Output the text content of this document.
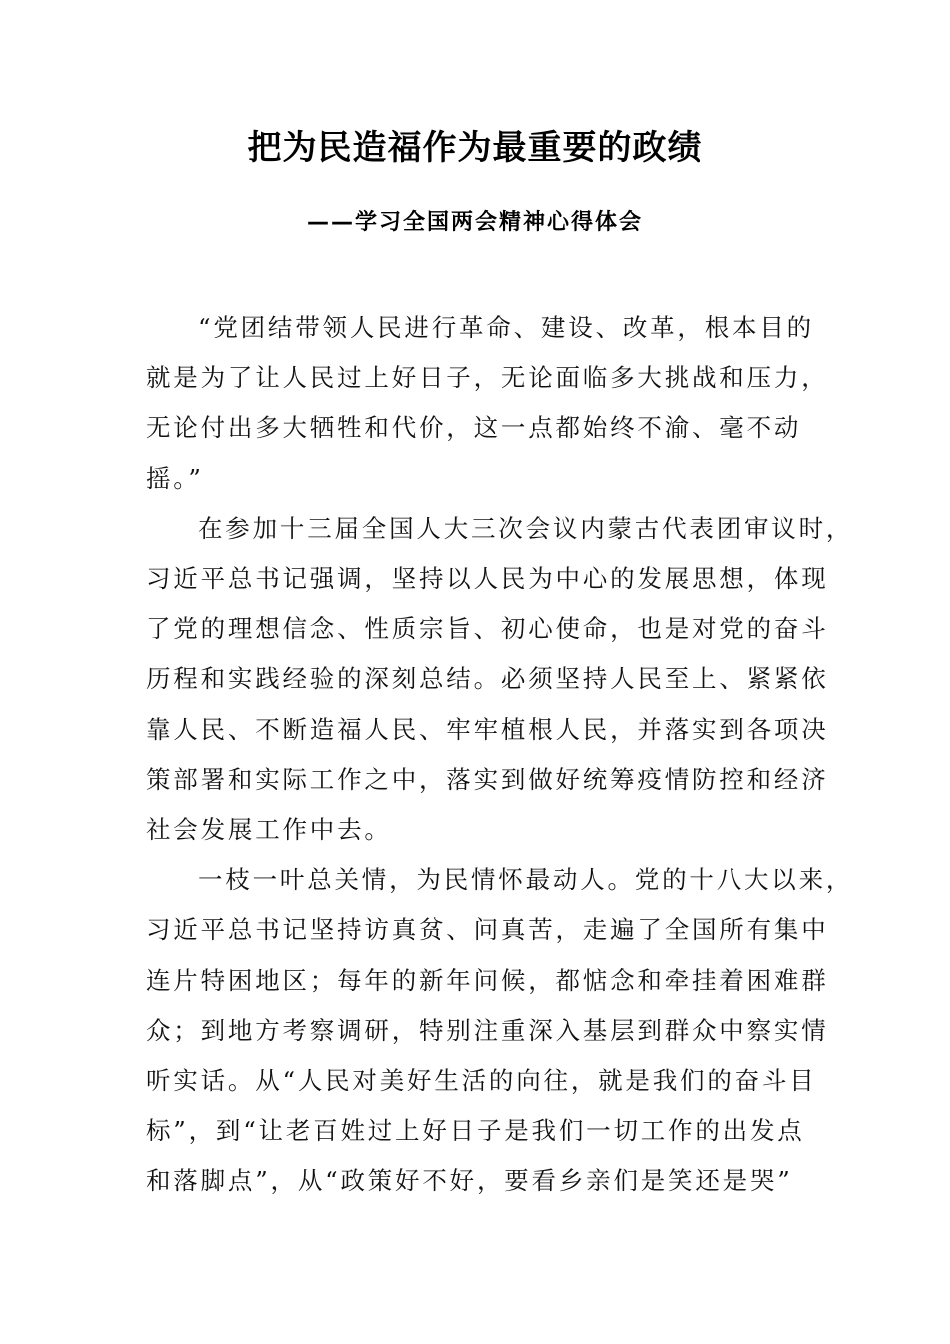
把为民造福作为最重要的政绩
——学习全国两会精神心得体会
“党团结带领人民进行革命、建设、改革，根本目的
就是为了让人民过上好日子，无论面临多大挑战和压力，
无论付出多大牺牲和代价，这一点都始终不渝、毫不动
摇。”
在参加十三届全国人大三次会议内蒙古代表团审议时，
习近平总书记强调，坚持以人民为中心的发展思想，体现
了党的理想信念、性质宗旨、初心使命，也是对党的奋斗
历程和实践经验的深刻总结。必须坚持人民至上、紧紧依
靠人民、不断造福人民、牢牢植根人民，并落实到各项决
策部署和实际工作之中，落实到做好统筹疫情防控和经济
社会发展工作中去。
一枝一叶总关情，为民情怀最动人。党的十八大以来，
习近平总书记坚持访真贫、问真苦，走遍了全国所有集中
连片特困地区；每年的新年问候，都惦念和牵挂着困难群
众；到地方考察调研，特别注重深入基层到群众中察实情
听实话。从“人民对美好生活的向往，就是我们的奋斗目
标”，到“让老百姓过上好日子是我们一切工作的出发点
和落脚点”，从“政策好不好，要看乡亲们是笑还是哭”
